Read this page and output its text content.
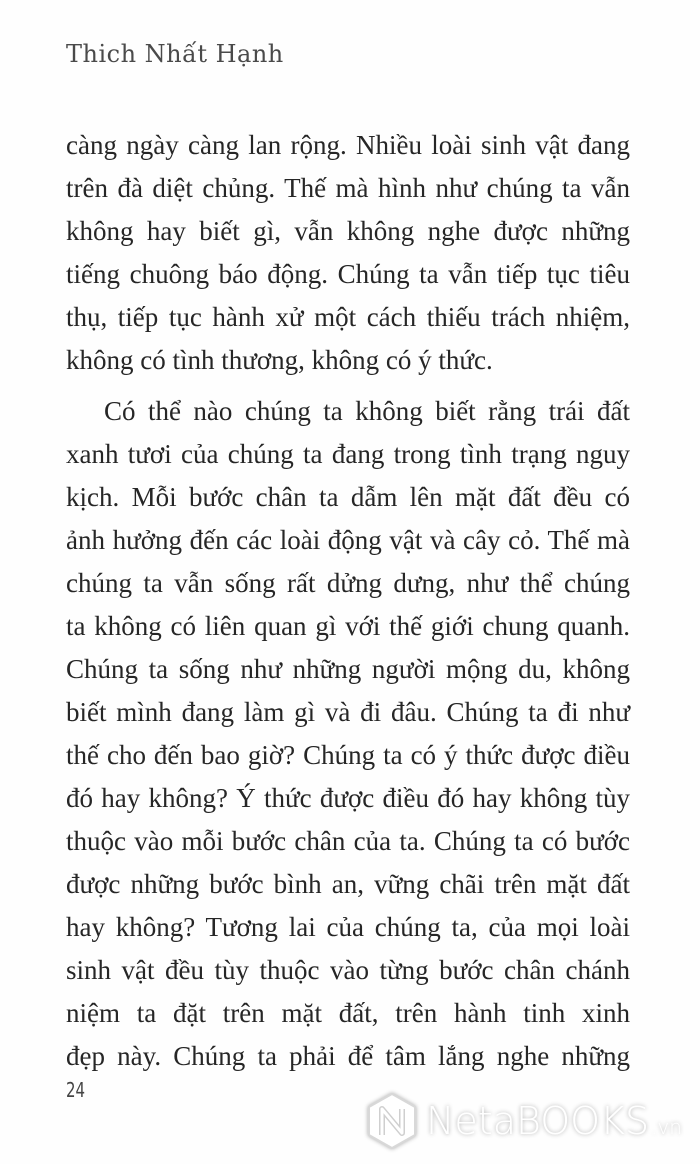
Thich Nhất Hạnh
càng ngày càng lan rộng. Nhiều loài sinh vật đang
trên đà diệt chủng. Thế mà hình như chúng ta vẫn
không hay biết gì, vẫn không nghe được những
tiếng chuông báo động. Chúng ta vẫn tiếp tục tiêu
thụ, tiếp tục hành xử một cách thiếu trách nhiệm,
không có tình thương, không có ý thức.
Có thể nào chúng ta không biết rằng trái đất
xanh tươi của chúng ta đang trong tình trạng nguy
kịch. Mỗi bước chân ta dẫm lên mặt đất đều có
ảnh hưởng đến các loài động vật và cây cỏ. Thế mà
chúng ta vẫn sống rất dửng dưng, như thể chúng
ta không có liên quan gì với thế giới chung quanh.
Chúng ta sống như những người mộng du, không
biết mình đang làm gì và đi đâu. Chúng ta đi như
thế cho đến bao giờ? Chúng ta có ý thức được điều
đó hay không? Ý thức được điều đó hay không tùy
thuộc vào mỗi bước chân của ta. Chúng ta có bước
được những bước bình an, vững chãi trên mặt đất
hay không? Tương lai của chúng ta, của mọi loài
sinh vật đều tùy thuộc vào từng bước chân chánh
niệm ta đặt trên mặt đất, trên hành tinh xinh
đẹp này. Chúng ta phải để tâm lắng nghe những
24
NetaBOOKS .vn
